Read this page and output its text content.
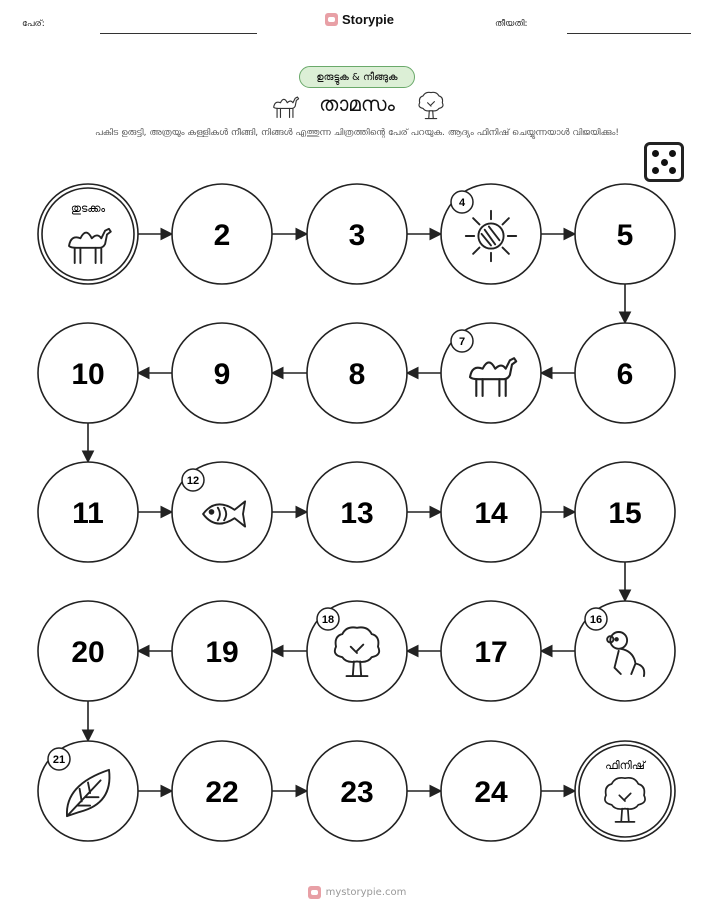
പേര്:	Storypie	തീയതി:
ഉരുട്ടുക & നീങ്ങുക
താമസം
പകിട ഉരുട്ടി, അത്രയും കള്ളികൾ നീങ്ങി, നിങ്ങൾ എത്തുന്ന ചിത്രത്തിന്റെ പേര് പറയുക. ആദ്യം ഫിനിഷ് ചെയ്യുന്നയാൾ വിജയിക്കും!
തുടക്കം
2	3
4
5
6
7
8
9
10
11
12
13	14	15
16
17
18
19
20
21
22	23	24
ഫിനിഷ്
mystorypie.com
